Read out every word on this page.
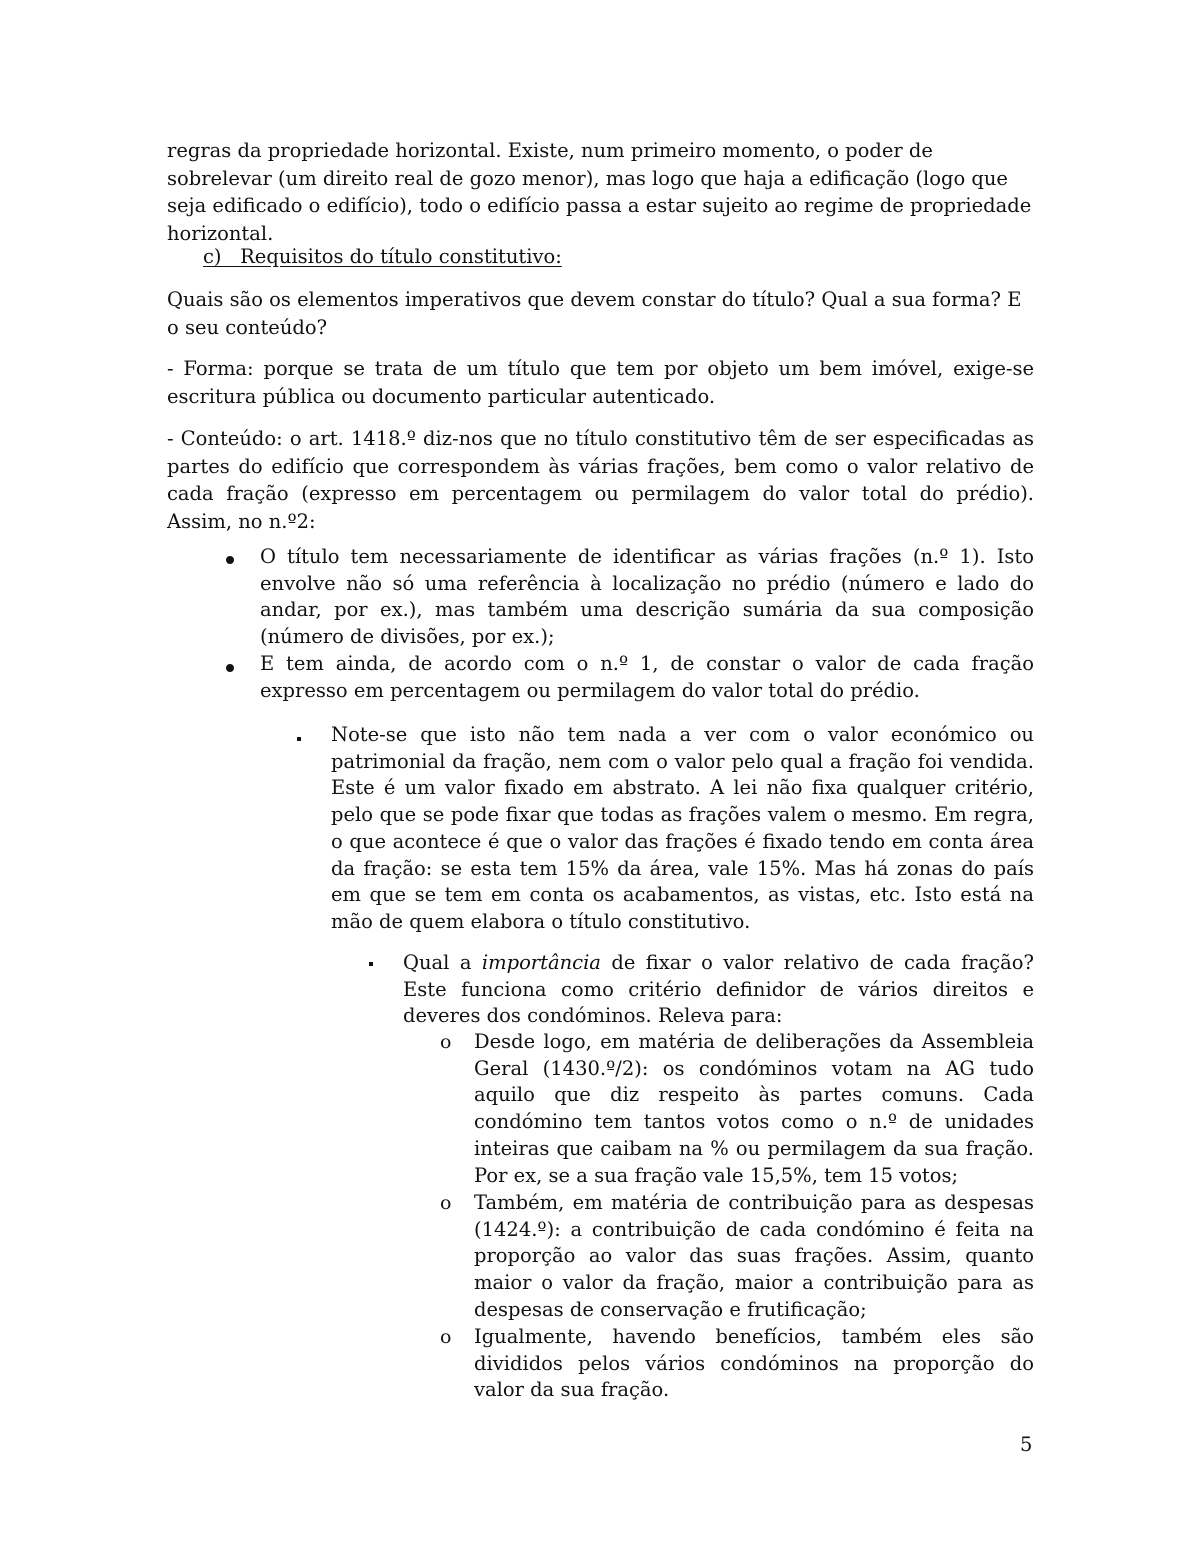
regras da propriedade horizontal. Existe, num primeiro momento, o poder de sobrelevar (um direito real de gozo menor), mas logo que haja a edificação (logo que seja edificado o edifício), todo o edifício passa a estar sujeito ao regime de propriedade horizontal.

c)   Requisitos do título constitutivo:

Quais são os elementos imperativos que devem constar do título? Qual a sua forma? E o seu conteúdo?

- Forma: porque se trata de um título que tem por objeto um bem imóvel, exige-se escritura pública ou documento particular autenticado.

- Conteúdo: o art. 1418.º diz-nos que no título constitutivo têm de ser especificadas as partes do edifício que correspondem às várias frações, bem como o valor relativo de cada fração (expresso em percentagem ou permilagem do valor total do prédio). Assim, no n.º2:

O título tem necessariamente de identificar as várias frações (n.º 1). Isto envolve não só uma referência à localização no prédio (número e lado do andar, por ex.), mas também uma descrição sumária da sua composição (número de divisões, por ex.);

E tem ainda, de acordo com o n.º 1, de constar o valor de cada fração expresso em percentagem ou permilagem do valor total do prédio.

Note-se que isto não tem nada a ver com o valor económico ou patrimonial da fração, nem com o valor pelo qual a fração foi vendida. Este é um valor fixado em abstrato. A lei não fixa qualquer critério, pelo que se pode fixar que todas as frações valem o mesmo. Em regra, o que acontece é que o valor das frações é fixado tendo em conta área da fração: se esta tem 15% da área, vale 15%. Mas há zonas do país em que se tem em conta os acabamentos, as vistas, etc. Isto está na mão de quem elabora o título constitutivo.

Qual a importância de fixar o valor relativo de cada fração? Este funciona como critério definidor de vários direitos e deveres dos condóminos. Releva para:

o Desde logo, em matéria de deliberações da Assembleia Geral (1430.º/2): os condóminos votam na AG tudo aquilo que diz respeito às partes comuns. Cada condómino tem tantos votos como o n.º de unidades inteiras que caibam na % ou permilagem da sua fração. Por ex, se a sua fração vale 15,5%, tem 15 votos;

o Também, em matéria de contribuição para as despesas (1424.º): a contribuição de cada condómino é feita na proporção ao valor das suas frações. Assim, quanto maior o valor da fração, maior a contribuição para as despesas de conservação e frutificação;

o Igualmente, havendo benefícios, também eles são divididos pelos vários condóminos na proporção do valor da sua fração.

5
